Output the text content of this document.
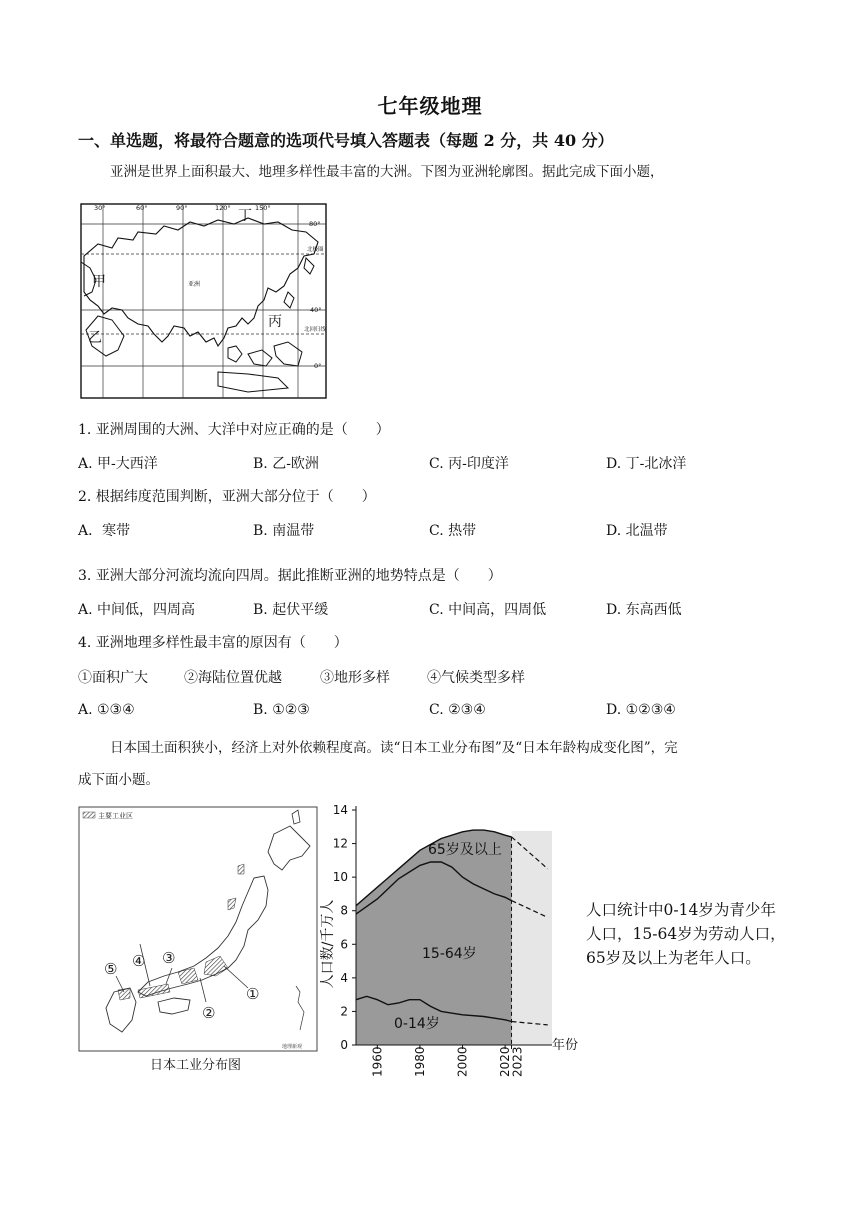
七年级地理
一、单选题，将最符合题意的选项代号填入答题表（每题 2 分，共 40 分）
亚洲是世界上面积最大、地理多样性最丰富的大洲。下图为亚洲轮廓图。据此完成下面小题，
30°	60°	90°	120°	150°
80°
北极圈
40°
北回归线
0°
丁
甲
乙
丙
亚洲
1. 亚洲周围的大洲、大洋中对应正确的是（　　）
A. 甲-大西洋	B. 乙-欧洲	C. 丙-印度洋	D. 丁-北冰洋
2. 根据纬度范围判断，亚洲大部分位于（　　）
A．寒带	B. 南温带	C. 热带	D. 北温带
3. 亚洲大部分河流均流向四周。据此推断亚洲的地势特点是（　　）
A. 中间低，四周高	B. 起伏平缓	C. 中间高，四周低	D. 东高西低
4. 亚洲地理多样性最丰富的原因有（　　）
①面积广大	②海陆位置优越	③地形多样	④气候类型多样
A. ①③④	B. ①②③	C. ②③④	D. ①②③④
日本国土面积狭小，经济上对外依赖程度高。读“日本工业分布图”及“日本年龄构成变化图”，完
成下面小题。
主要工业区
①
②
③
④
⑤
地理新观
日本工业分布图
0
2
4
6
8
10
12
14
1960 1980 2000 2020
2023
人口数/千万人
年份
65岁及以上
15-64岁
0-14岁
人口统计中0-14岁为青少年人口，15-64岁为劳动人口，65岁及以上为老年人口。
